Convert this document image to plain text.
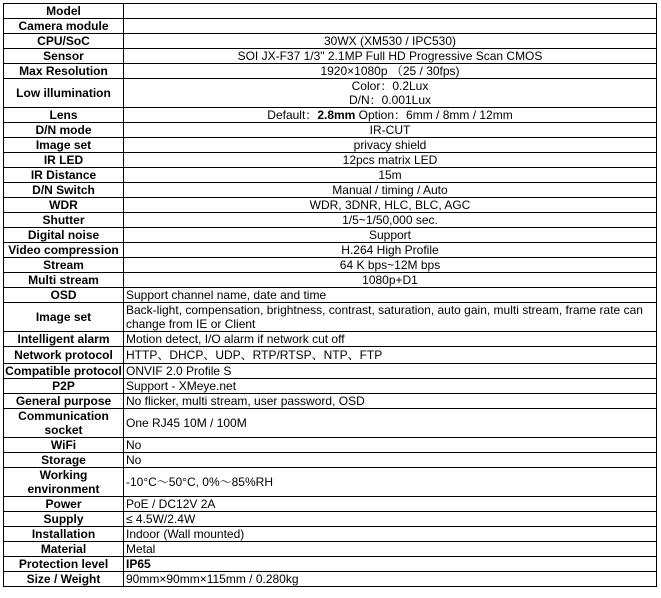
Model	
Camera module	
CPU/SoC	30WX (XM530 / IPC530)
Sensor	SOI JX-F37 1/3" 2.1MP Full HD Progressive Scan CMOS
Max Resolution	1920×1080p （25 / 30fps)
Low illumination	Color：0.2Lux
D/N：0.001Lux

Lens	Default：2.8mm Option：6mm / 8mm / 12mm
D/N mode	IR-CUT
Image set	privacy shield
IR LED	12pcs matrix LED
IR Distance	15m
D/N Switch	Manual / timing / Auto
WDR	WDR, 3DNR, HLC, BLC, AGC
Shutter	1/5~1/50,000 sec.
Digital noise	Support
Video compression	H.264 High Profile
Stream	64 K bps~12M bps
Multi stream	1080p+D1
OSD	Support channel name, date and time
Image set	Back-light, compensation, brightness, contrast, saturation, auto gain, multi stream, frame rate can change from IE or Client
Intelligent alarm	Motion detect, I/O alarm if network cut off
Network protocol	HTTP、DHCP、UDP、RTP/RTSP、NTP、FTP
Compatible protocol	ONVIF 2.0 Profile S
P2P	Support - XMeye.net
General purpose	No flicker, multi stream, user password, OSD
Communication socket	One RJ45 10M / 100M
WiFi	No
Storage	No
Working environment	-10°C～50°C, 0%～85%RH
Power	PoE / DC12V 2A
Supply	≤ 4.5W/2.4W
Installation	Indoor (Wall mounted)
Material	Metal
Protection level	IP65
Size / Weight	90mm×90mm×115mm / 0.280kg
